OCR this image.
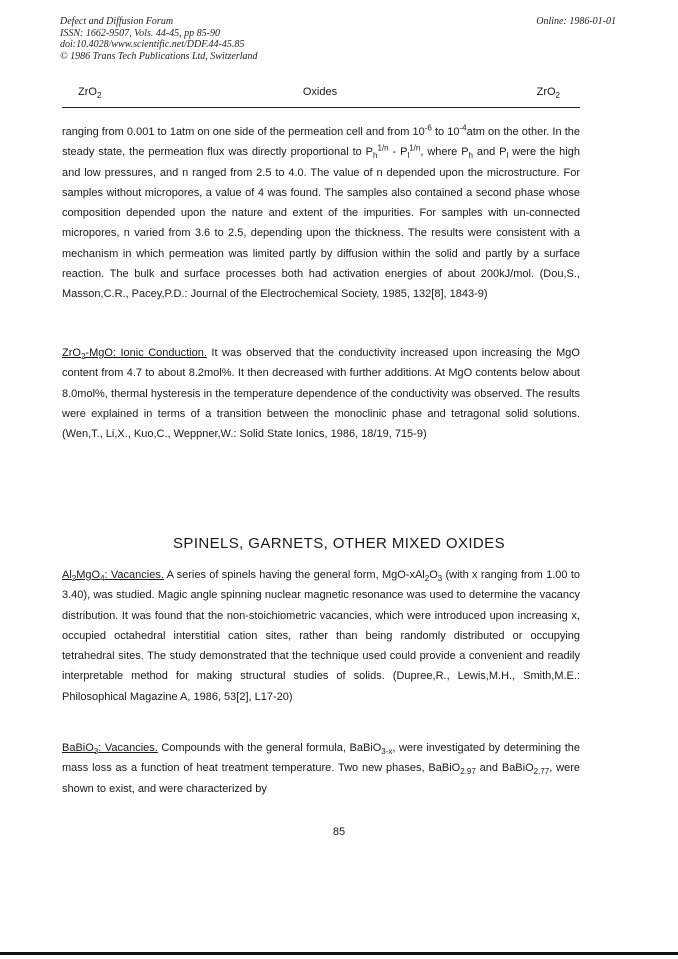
Defect and Diffusion Forum
ISSN: 1662-9507, Vols. 44-45, pp 85-90
doi:10.4028/www.scientific.net/DDF.44-45.85
© 1986 Trans Tech Publications Ltd, Switzerland
Online: 1986-01-01
ZrO$_2$	Oxides	ZrO$_2$

ranging from 0.001 to 1atm on one side of the permeation cell and from $10^{-6}$ to $10^{-4}atm$ on the other. In the steady state, the permeation flux was directly proportional to $P_h^{1/n} - P_l^{1/n}$, where $P_h$ and $P_l$ were the high and low pressures, and n ranged from 2.5 to 4.0. The value of n depended upon the microstructure. For samples without micropores, a value of 4 was found. The samples also contained a second phase whose composition depended upon the nature and extent of the impurities. For samples with un-connected micropores, n varied from 3.6 to 2.5, depending upon the thickness. The results were consistent with a mechanism in which permeation was limited partly by diffusion within the solid and partly by a surface reaction. The bulk and surface processes both had activation energies of about 200kJ/mol. (Dou,S., Masson,C.R., Pacey,P.D.: Journal of the Electrochemical Society, 1985, 132[8], 1843-9)

ZrO$_2$-MgO: Ionic Conduction. It was observed that the conductivity increased upon increasing the MgO content from 4.7 to about 8.2mol%. It then decreased with further additions. At MgO contents below about 8.0mol%, thermal hysteresis in the temperature dependence of the conductivity was observed. The results were explained in terms of a transition between the monoclinic phase and tetragonal solid solutions. (Wen,T., Li,X., Kuo,C., Weppner,W.: Solid State Ionics, 1986, 18/19, 715-9)

SPINELS, GARNETS, OTHER MIXED OXIDES

$Al_2MgO_4$: Vacancies. A series of spinels having the general form, MgO-$xAl_2O_3$ (with x ranging from 1.00 to 3.40), was studied. Magic angle spinning nuclear magnetic resonance was used to determine the vacancy distribution. It was found that the non-stoichiometric vacancies, which were introduced upon increasing x, occupied octahedral interstitial cation sites, rather than being randomly distributed or occupying tetrahedral sites. The study demonstrated that the technique used could provide a convenient and readily interpretable method for making structural studies of solids. (Dupree,R., Lewis,M.H., Smith,M.E.: Philosophical Magazine A, 1986, 53[2], L17-20)

BaBiO$_3$: Vacancies. Compounds with the general formula, BaBiO$_{3-x}$, were investigated by determining the mass loss as a function of heat treatment temperature. Two new phases, BaBiO$_{2.97}$ and BaBiO$_{2.77}$, were shown to exist, and were characterized by

85
